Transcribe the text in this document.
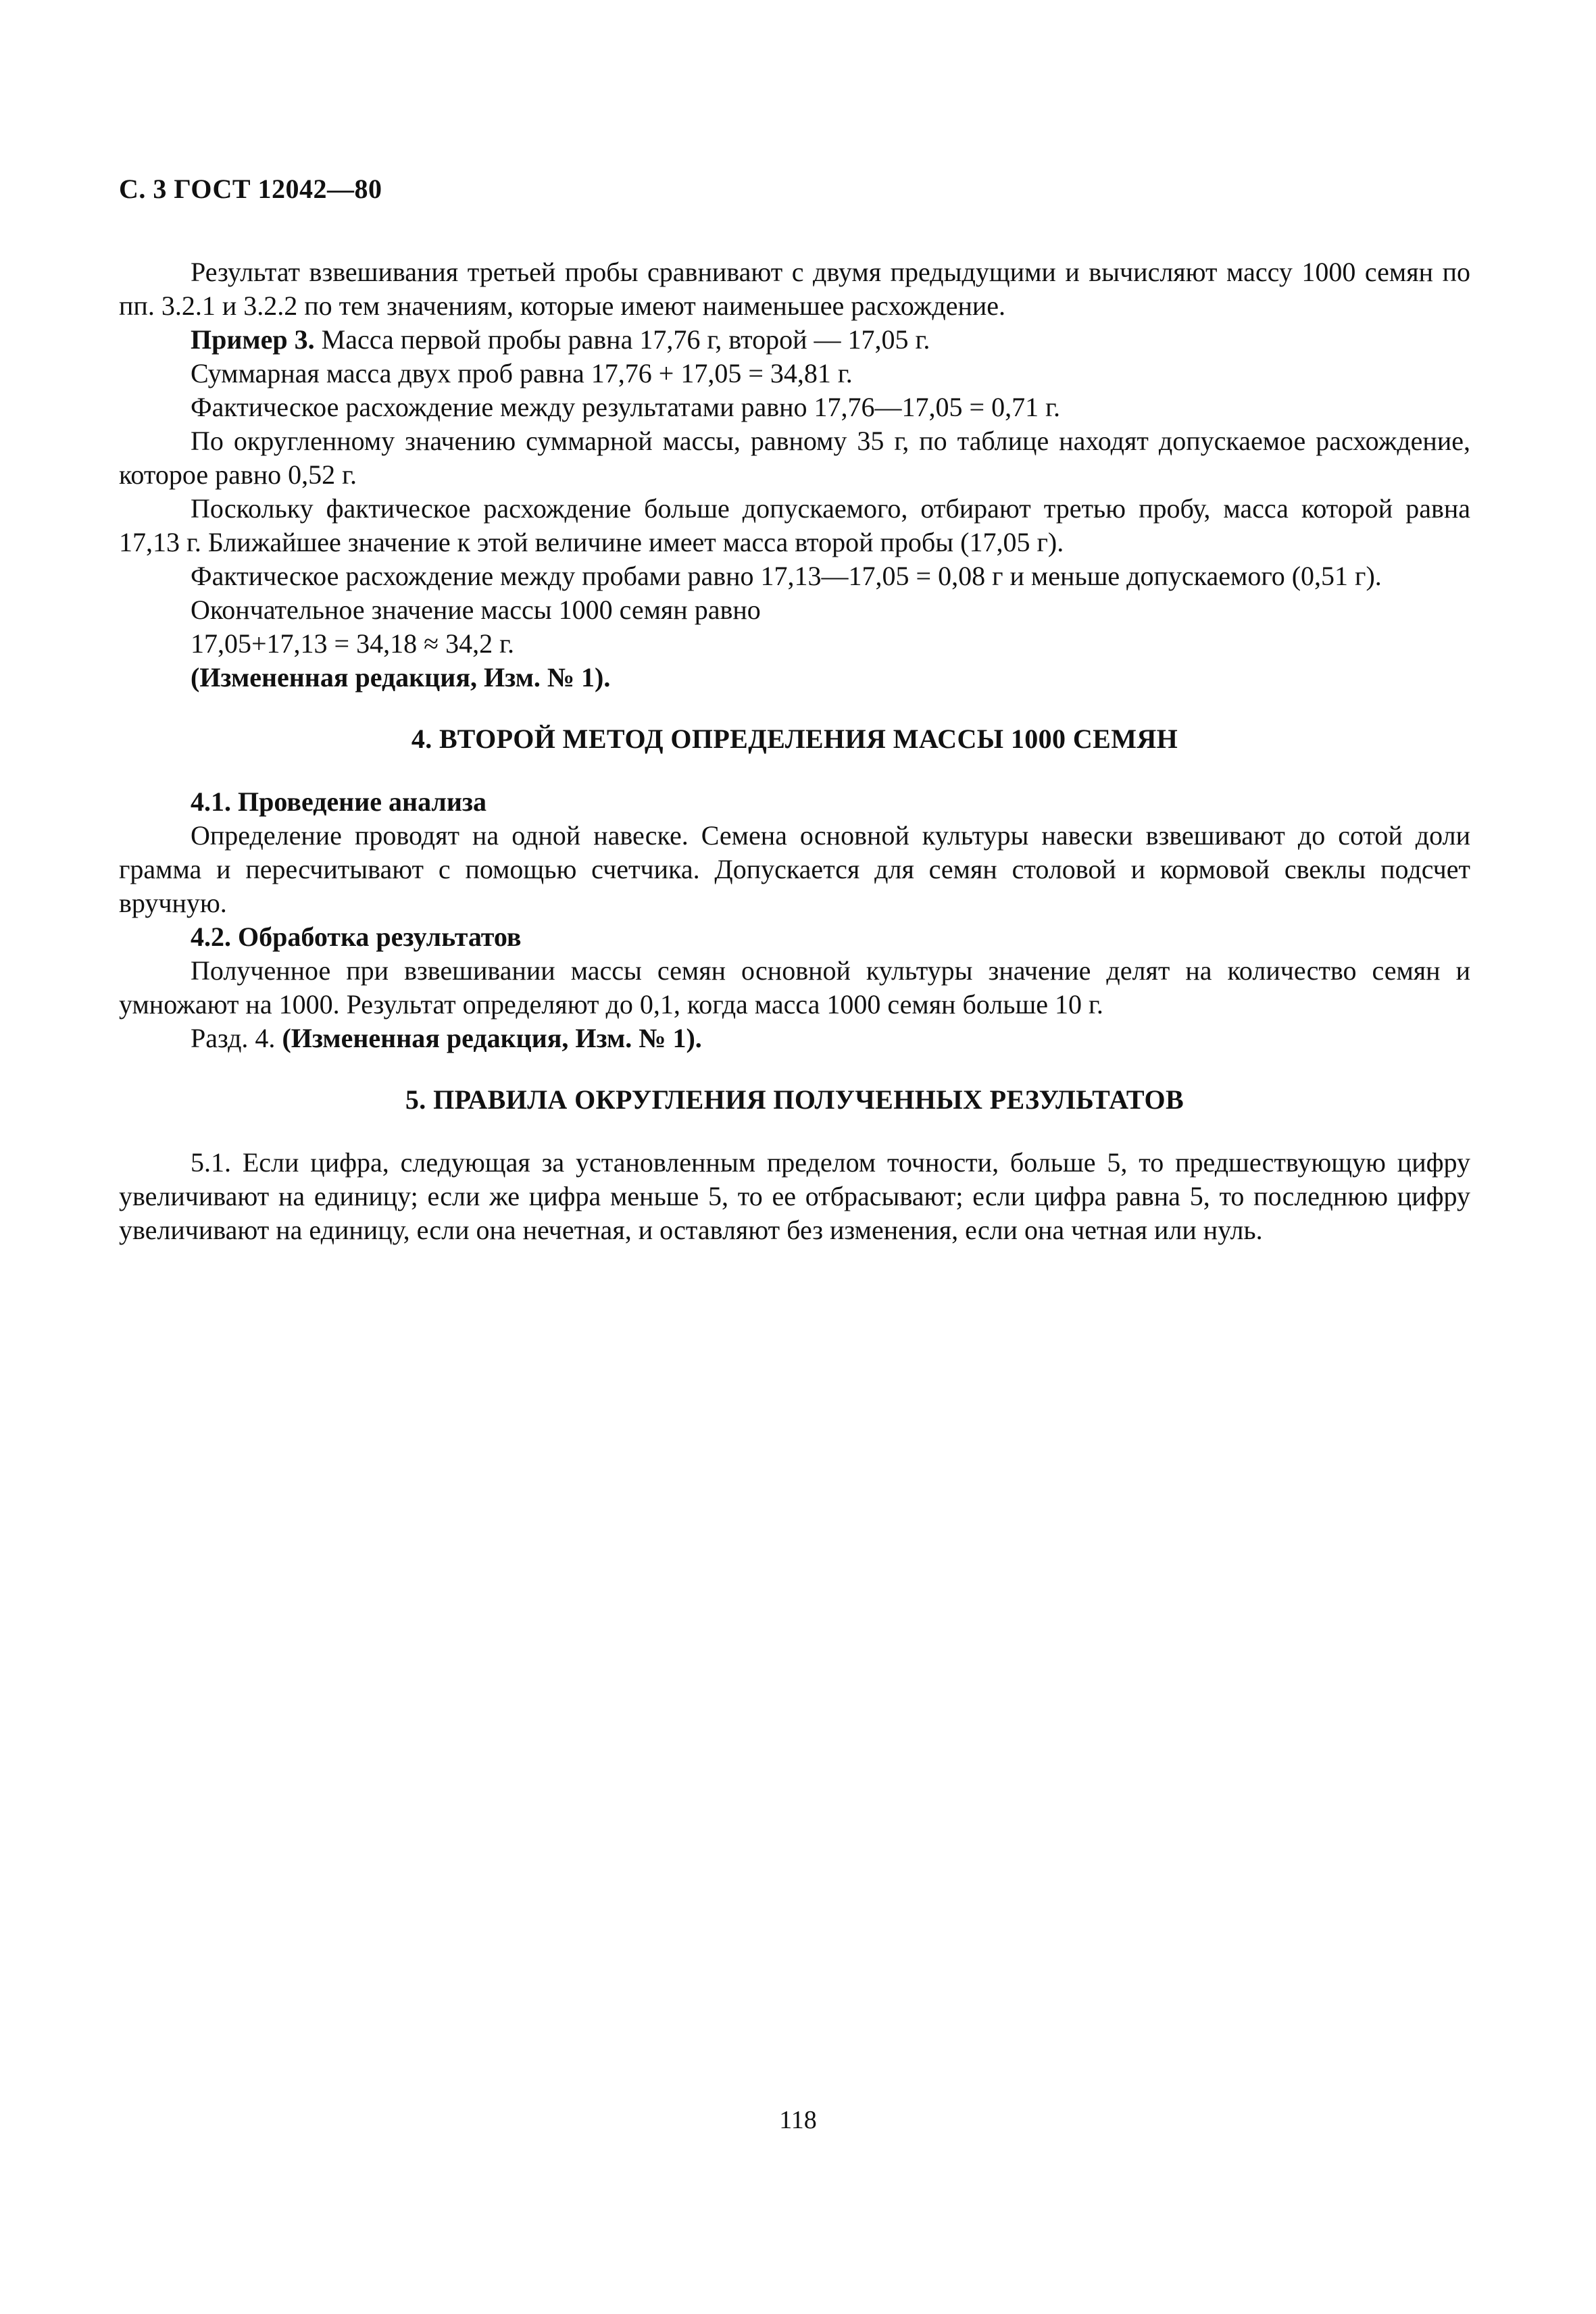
С. 3 ГОСТ 12042—80

Результат взвешивания третьей пробы сравнивают с двумя предыдущими и вычисляют массу 1000 семян по пп. 3.2.1 и 3.2.2 по тем значениям, которые имеют наименьшее расхождение.

Пример 3. Масса первой пробы равна 17,76 г, второй — 17,05 г.

Суммарная масса двух проб равна 17,76 + 17,05 = 34,81 г.

Фактическое расхождение между результатами равно 17,76—17,05 = 0,71 г.

По округленному значению суммарной массы, равному 35 г, по таблице находят допускаемое расхождение, которое равно 0,52 г.

Поскольку фактическое расхождение больше допускаемого, отбирают третью пробу, масса которой равна 17,13 г. Ближайшее значение к этой величине имеет масса второй пробы (17,05 г).

Фактическое расхождение между пробами равно 17,13—17,05 = 0,08 г и меньше допускаемого (0,51 г).

Окончательное значение массы 1000 семян равно

17,05+17,13 = 34,18 ≈ 34,2 г.

(Измененная редакция, Изм. № 1).

4. ВТОРОЙ МЕТОД ОПРЕДЕЛЕНИЯ МАССЫ 1000 СЕМЯН

4.1. Проведение анализа

Определение проводят на одной навеске. Семена основной культуры навески взвешивают до сотой доли грамма и пересчитывают с помощью счетчика. Допускается для семян столовой и кормовой свеклы подсчет вручную.

4.2. Обработка результатов

Полученное при взвешивании массы семян основной культуры значение делят на количество семян и умножают на 1000. Результат определяют до 0,1, когда масса 1000 семян больше 10 г.

Разд. 4. (Измененная редакция, Изм. № 1).

5. ПРАВИЛА ОКРУГЛЕНИЯ ПОЛУЧЕННЫХ РЕЗУЛЬТАТОВ

5.1. Если цифра, следующая за установленным пределом точности, больше 5, то предшествующую цифру увеличивают на единицу; если же цифра меньше 5, то ее отбрасывают; если цифра равна 5, то последнюю цифру увеличивают на единицу, если она нечетная, и оставляют без изменения, если она четная или нуль.

118
